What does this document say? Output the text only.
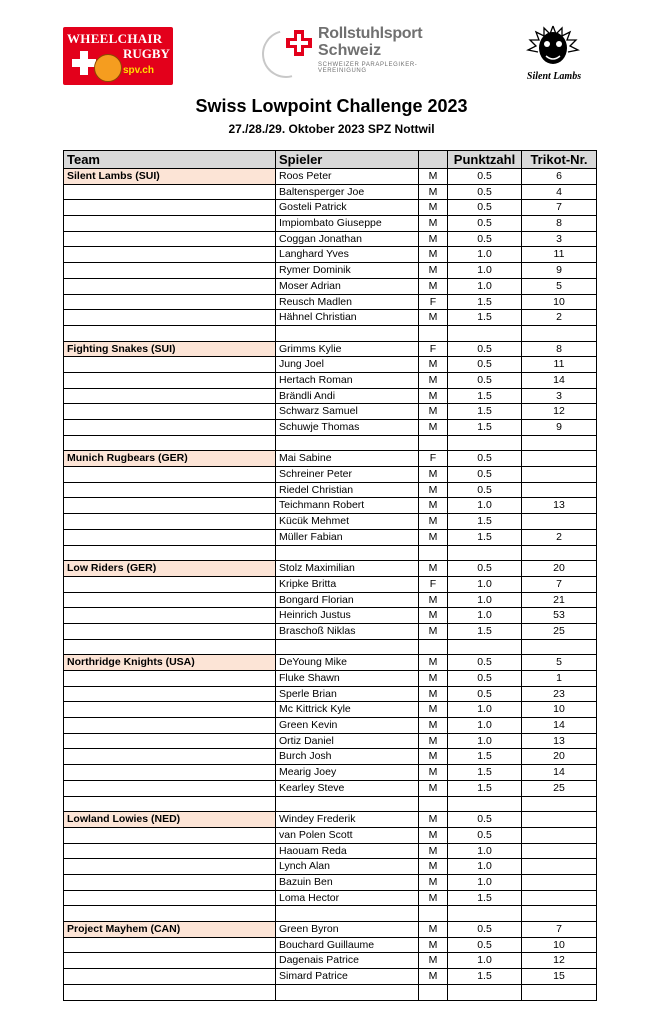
WHEELCHAIR
RUGBY
spv.ch
Rollstuhlsport
Schweiz
SCHWEIZER PARAPLEGIKER-VEREINIGUNG	Silent Lambs
Swiss Lowpoint Challenge 2023
27./28./29. Oktober 2023 SPZ Nottwil
Team	Spieler	Punktzahl	Trikot-Nr.
Silent Lambs (SUI)	Roos Peter	M	0.5	6
Baltensperger Joe	M	0.5	4
Gosteli Patrick	M	0.5	7
Impiombato Giuseppe	M	0.5	8
Coggan Jonathan	M	0.5	3
Langhard Yves	M	1.0	11
Rymer Dominik	M	1.0	9
Moser Adrian	M	1.0	5
Reusch Madlen	F	1.5	10
Hähnel Christian	M	1.5	2
Fighting Snakes (SUI)	Grimms Kylie	F	0.5	8
Jung Joel	M	0.5	11
Hertach Roman	M	0.5	14
Brändli Andi	M	1.5	3
Schwarz Samuel	M	1.5	12
Schuwje Thomas	M	1.5	9
Munich Rugbears (GER)	Mai Sabine	F	0.5
Schreiner Peter	M	0.5
Riedel Christian	M	0.5
Teichmann Robert	M	1.0	13
Kücük Mehmet	M	1.5
Müller Fabian	M	1.5	2
Low Riders (GER)	Stolz Maximilian	M	0.5	20
Kripke Britta	F	1.0	7
Bongard Florian	M	1.0	21
Heinrich Justus	M	1.0	53
Braschoß Niklas	M	1.5	25
Northridge Knights (USA)	DeYoung Mike	M	0.5	5
Fluke Shawn	M	0.5	1
Sperle Brian	M	0.5	23
Mc Kittrick Kyle	M	1.0	10
Green Kevin	M	1.0	14
Ortiz Daniel	M	1.0	13
Burch Josh	M	1.5	20
Mearig Joey	M	1.5	14
Kearley Steve	M	1.5	25
Lowland Lowies (NED)	Windey Frederik	M	0.5
van Polen Scott	M	0.5
Haouam Reda	M	1.0
Lynch Alan	M	1.0
Bazuin Ben	M	1.0
Loma Hector	M	1.5
Project Mayhem (CAN)	Green Byron	M	0.5	7
Bouchard Guillaume	M	0.5	10
Dagenais Patrice	M	1.0	12
Simard Patrice	M	1.5	15
